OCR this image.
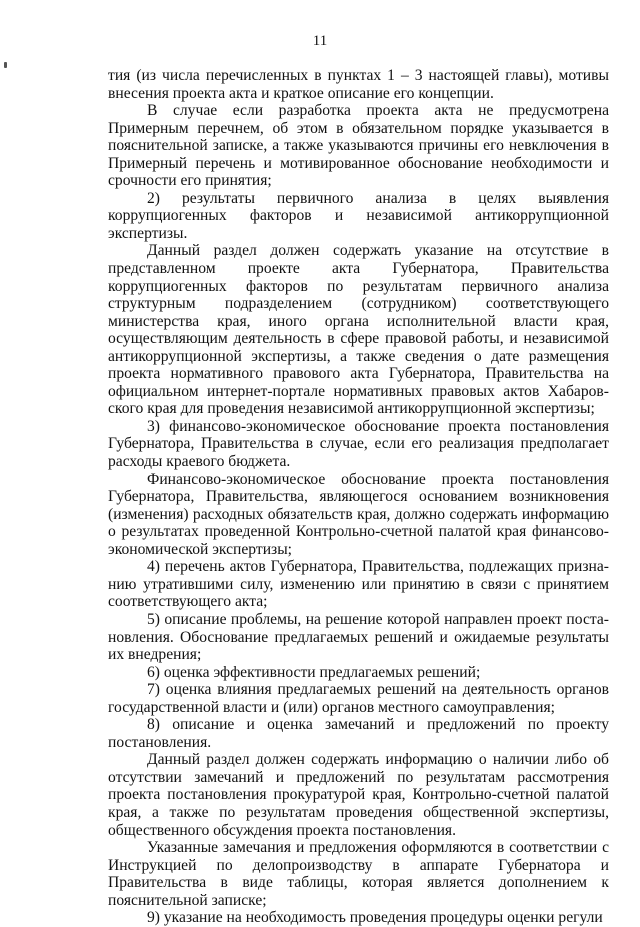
11

тия (из числа перечисленных в пунктах 1 – 3 настоящей главы), мотивы внесения проекта акта и краткое описание его концепции.

В случае если разработка проекта акта не предусмотрена Примерным перечнем, об этом в обязательном порядке указывается в пояснительной записке, а также указываются причины его невключения в Примерный перечень и мотивированное обоснование необходимости и срочности его принятия;

2) результаты первичного анализа в целях выявления коррупциогенных факторов и независимой антикоррупционной экспертизы.

Данный раздел должен содержать указание на отсутствие в представленном проекте акта Губернатора, Правительства коррупциогенных факторов по результатам первичного анализа структурным подразделением (сотрудником) соответствующего министерства края, иного органа исполнительной власти края, осуществляющим деятельность в сфере правовой работы, и независимой антикоррупционной экспертизы, а также сведения о дате размещения проекта нормативного правового акта Губернатора, Правительства на официальном интернет-портале нормативных правовых актов Хабаровского края для проведения независимой антикоррупционной экспертизы;

3) финансово-экономическое обоснование проекта постановления Губернатора, Правительства в случае, если его реализация предполагает расходы краевого бюджета.

Финансово-экономическое обоснование проекта постановления Губернатора, Правительства, являющегося основанием возникновения (изменения) расходных обязательств края, должно содержать информацию о результатах проведенной Контрольно-счетной палатой края финансово-экономической экспертизы;

4) перечень актов Губернатора, Правительства, подлежащих признанию утратившими силу, изменению или принятию в связи с принятием соответствующего акта;

5) описание проблемы, на решение которой направлен проект постановления. Обоснование предлагаемых решений и ожидаемые результаты их внедрения;

6) оценка эффективности предлагаемых решений;

7) оценка влияния предлагаемых решений на деятельность органов государственной власти и (или) органов местного самоуправления;

8) описание и оценка замечаний и предложений по проекту постановления.

Данный раздел должен содержать информацию о наличии либо об отсутствии замечаний и предложений по результатам рассмотрения проекта постановления прокуратурой края, Контрольно-счетной палатой края, а также по результатам проведения общественной экспертизы, общественного обсуждения проекта постановления.

Указанные замечания и предложения оформляются в соответствии с Инструкцией по делопроизводству в аппарате Губернатора и Правительства в виде таблицы, которая является дополнением к пояснительной записке;

9) указание на необходимость проведения процедуры оценки регули
